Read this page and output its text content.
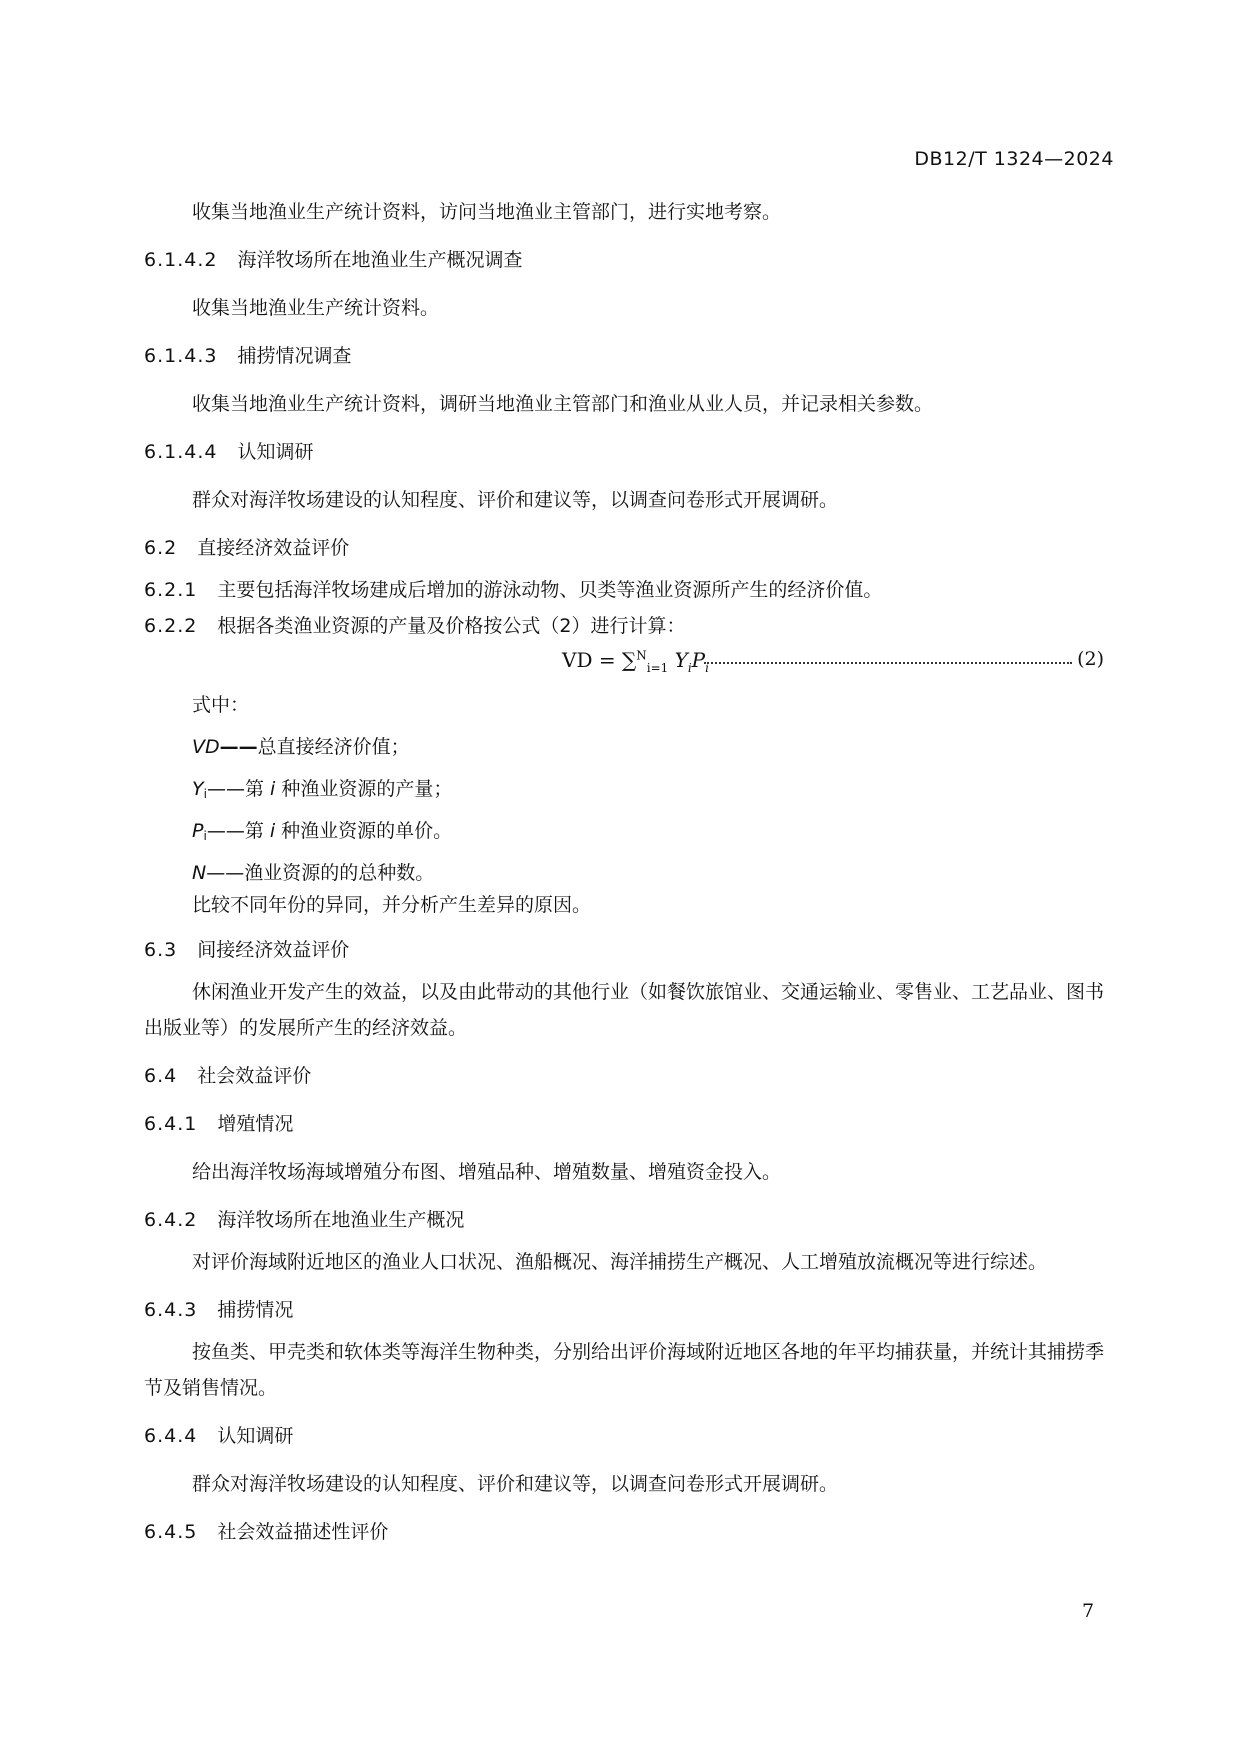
DB12/T 1324—2024

收集当地渔业生产统计资料，访问当地渔业主管部门，进行实地考察。

6.1.4.2 海洋牧场所在地渔业生产概况调查

收集当地渔业生产统计资料。

6.1.4.3 捕捞情况调查

收集当地渔业生产统计资料，调研当地渔业主管部门和渔业从业人员，并记录相关参数。

6.1.4.4 认知调研

群众对海洋牧场建设的认知程度、评价和建议等，以调查问卷形式开展调研。

6.2 直接经济效益评价
6.2.1 主要包括海洋牧场建成后增加的游泳动物、贝类等渔业资源所产生的经济价值。
6.2.2 根据各类渔业资源的产量及价格按公式（2）进行计算：
VD = ∑$^N_{i=1}$ $Y_iP_i$	(2)
式中：
VD——总直接经济价值；
$Y_i——$第 i 种渔业资源的产量；
$P_i——$第 i 种渔业资源的单价。
N——渔业资源的的总种数。
比较不同年份的异同，并分析产生差异的原因。
6.3 间接经济效益评价

休闲渔业开发产生的效益，以及由此带动的其他行业（如餐饮旅馆业、交通运输业、零售业、工艺品业、图书出版业等）的发展所产生的经济效益。

6.4 社会效益评价
6.4.1 增殖情况

给出海洋牧场海域增殖分布图、增殖品种、增殖数量、增殖资金投入。

6.4.2 海洋牧场所在地渔业生产概况

对评价海域附近地区的渔业人口状况、渔船概况、海洋捕捞生产概况、人工增殖放流概况等进行综述。

6.4.3 捕捞情况

按鱼类、甲壳类和软体类等海洋生物种类，分别给出评价海域附近地区各地的年平均捕获量，并统计其捕捞季节及销售情况。

6.4.4 认知调研

群众对海洋牧场建设的认知程度、评价和建议等，以调查问卷形式开展调研。

6.4.5 社会效益描述性评价
7
